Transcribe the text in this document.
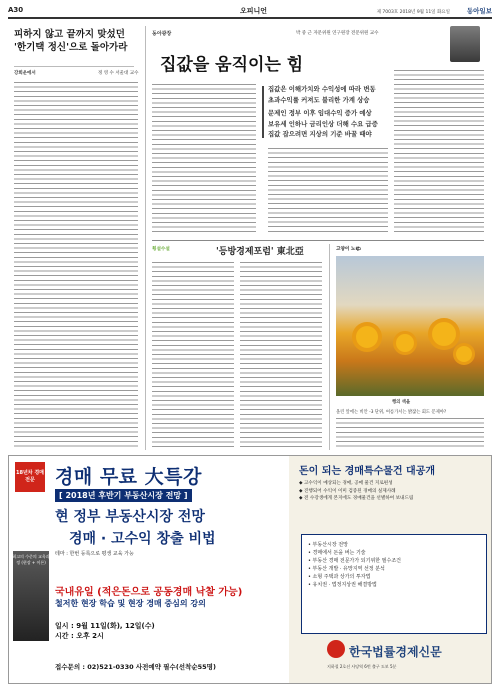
A30	오피니언	제 7003호 2018년 9월 11일 화요일	동아일보
피하지 않고 끝까지 맞섰던
'한기택 정신'으로 돌아가라
강희운에서	정 영 수 서울대 교수
동아광장	박 중 근 자문위원 연구원장 전문위원 교수
집값을 움직이는 힘
집값은 이해가치와 수익성에 따라 변동
초과수익률 커져도 불리한 가계 상승
문제인 정부 이후 임대수익 증가 예상
보유세 인하나 금리인상 더해 수요 급증
집값 잡으려면 지상의 기준 바꿀 때야
횡설수설	'등방경제포럼' 東北亞	고양이 노🌤
행의 색을
올린 앞에는 비안 -3 단위, 여름가서는 밝잖는 회도 문제야?
18년차 경매전문	경매 무료 大특강
[ 2018년 후반기 부동산시장 전망 ]
현 정부 부동산시장 전망
경매 · 고수익 창출 비법
최고의 수준의 교육과정 (현장 + 이론)
테마 : 한번 등록으로 평생 교육 가능
국내유일 (적은돈으로 공동경매 낙찰 가능)
철저한 현장 학습 및 현장 경매 중심의 강의
일시 : 9월 11일(화), 12일(수)
시간 : 오후 2시
접수문의 : 02)521-0330 사전예약 필수(선착순55명)
돈이 되는 경매특수물건 대공개
◆ 고수익이 예상되는 경매, 공매 물건 지로편성
◆ 진행되어 수익이 이미 검증된 경매의 실제사례
◆ 전 수강생에게 본지에도 경매물건을 선별하여 보내드림
• 부동산시장 전망
• 경매에서 돈을 버는 기술
• 부동산 경매 전문가가 되기위한 필수조건
• 부동산 개발 · 유망지역 선정 분석
• 소형 주택과 상가의 투자법
• 유치권 · 법정지상권 해결방법
한국법률경제신문
지하철 2호선 사당역 6번 출구 도보 5분
